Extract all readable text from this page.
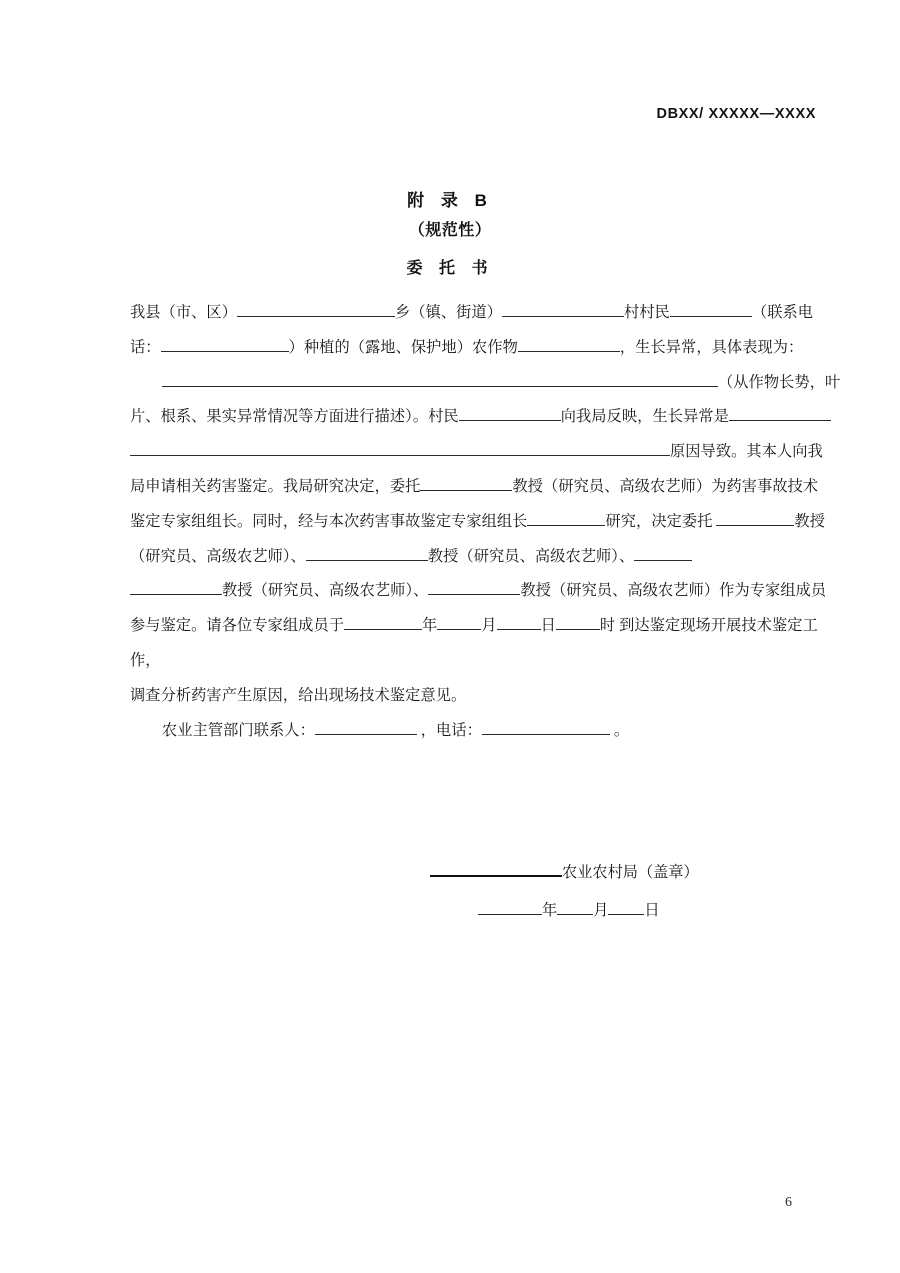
DBXX/ XXXXX—XXXX
附 录 B
（规范性）
委 托 书
我县（市、区）	乡（镇、街道）	村村民	（联系电
话：	）种植的（露地、保护地）农作物	，生长异常，具体表现为：
（从作物长势，叶
片、根系、果实异常情况等方面进行描述）。村民	向我局反映，生长异常是
原因导致。其本人向我
局申请相关药害鉴定。我局研究决定，委托	教授（研究员、高级农艺师）为药害事故技术
鉴定专家组组长。同时，经与本次药害事故鉴定专家组组长	研究，决定委托	教授
（研究员、高级农艺师）、	教授（研究员、高级农艺师）、
教授（研究员、高级农艺师）、	教授（研究员、高级农艺师）作为专家组成员
参与鉴定。请各位专家组成员于	年	月	日	时 到达鉴定现场开展技术鉴定工
作，
调查分析药害产生原因，给出现场技术鉴定意见。
农业主管部门联系人：	，电话：	。
农业农村局（盖章）
年 月 日
6
